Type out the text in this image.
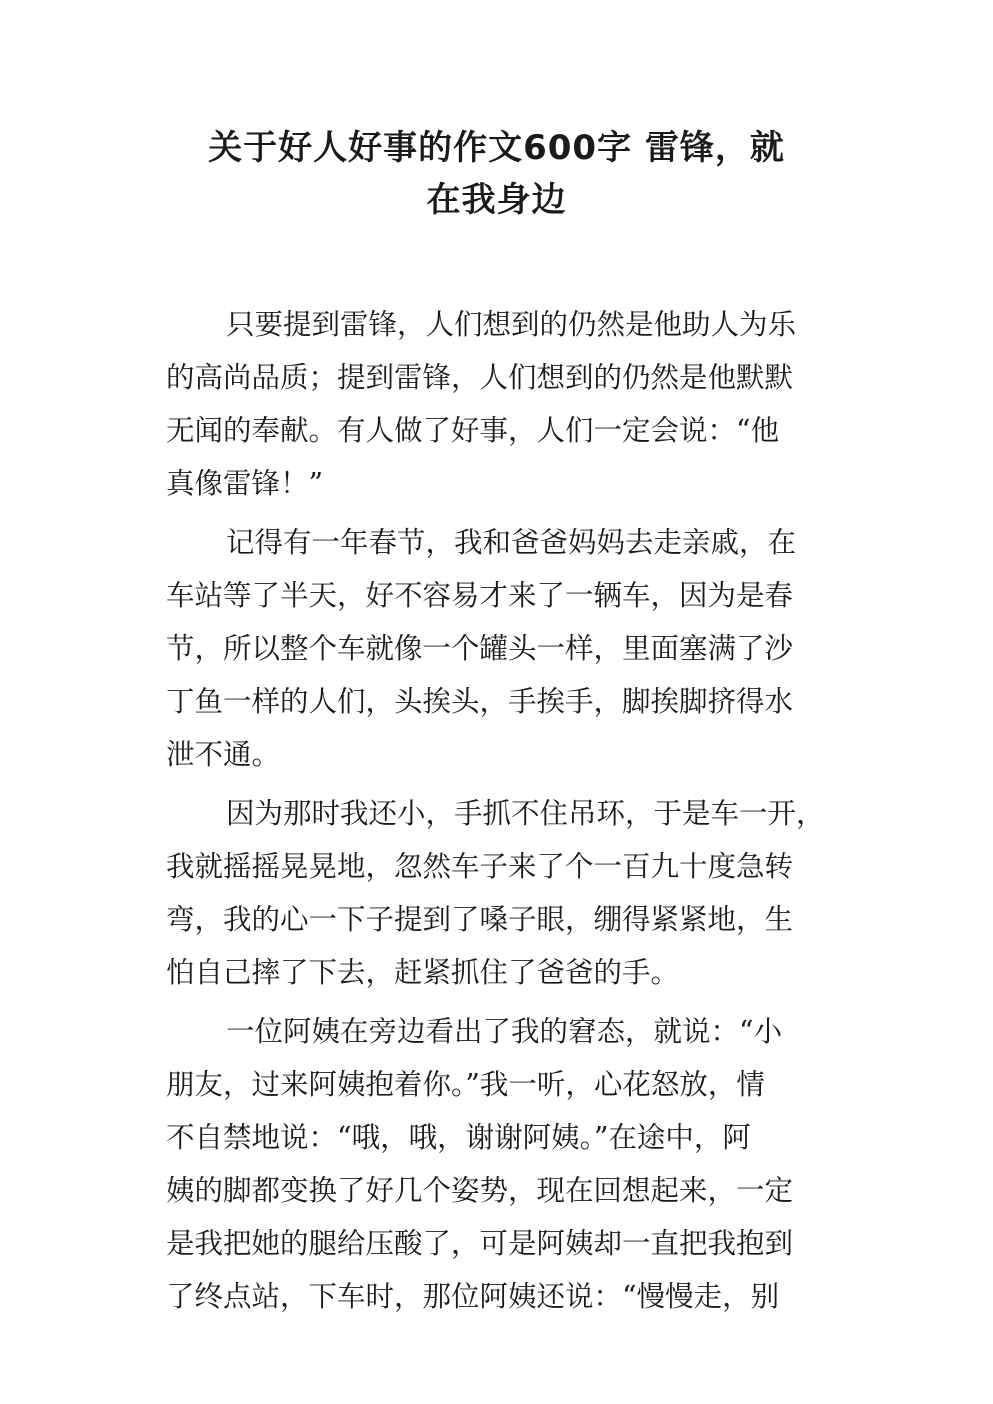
关于好人好事的作文600字 雷锋，就
在我身边

只要提到雷锋，人们想到的仍然是他助人为乐
的高尚品质；提到雷锋，人们想到的仍然是他默默
无闻的奉献。有人做了好事，人们一定会说：“他
真像雷锋！”

记得有一年春节，我和爸爸妈妈去走亲戚，在
车站等了半天，好不容易才来了一辆车，因为是春
节，所以整个车就像一个罐头一样，里面塞满了沙
丁鱼一样的人们，头挨头，手挨手，脚挨脚挤得水
泄不通。

因为那时我还小，手抓不住吊环，于是车一开，
我就摇摇晃晃地，忽然车子来了个一百九十度急转
弯，我的心一下子提到了嗓子眼，绷得紧紧地，生
怕自己摔了下去，赶紧抓住了爸爸的手。

一位阿姨在旁边看出了我的窘态，就说：“小
朋友，过来阿姨抱着你。”我一听，心花怒放，情
不自禁地说：“哦，哦，谢谢阿姨。”在途中，阿
姨的脚都变换了好几个姿势，现在回想起来，一定
是我把她的腿给压酸了，可是阿姨却一直把我抱到
了终点站，下车时，那位阿姨还说：“慢慢走，别
